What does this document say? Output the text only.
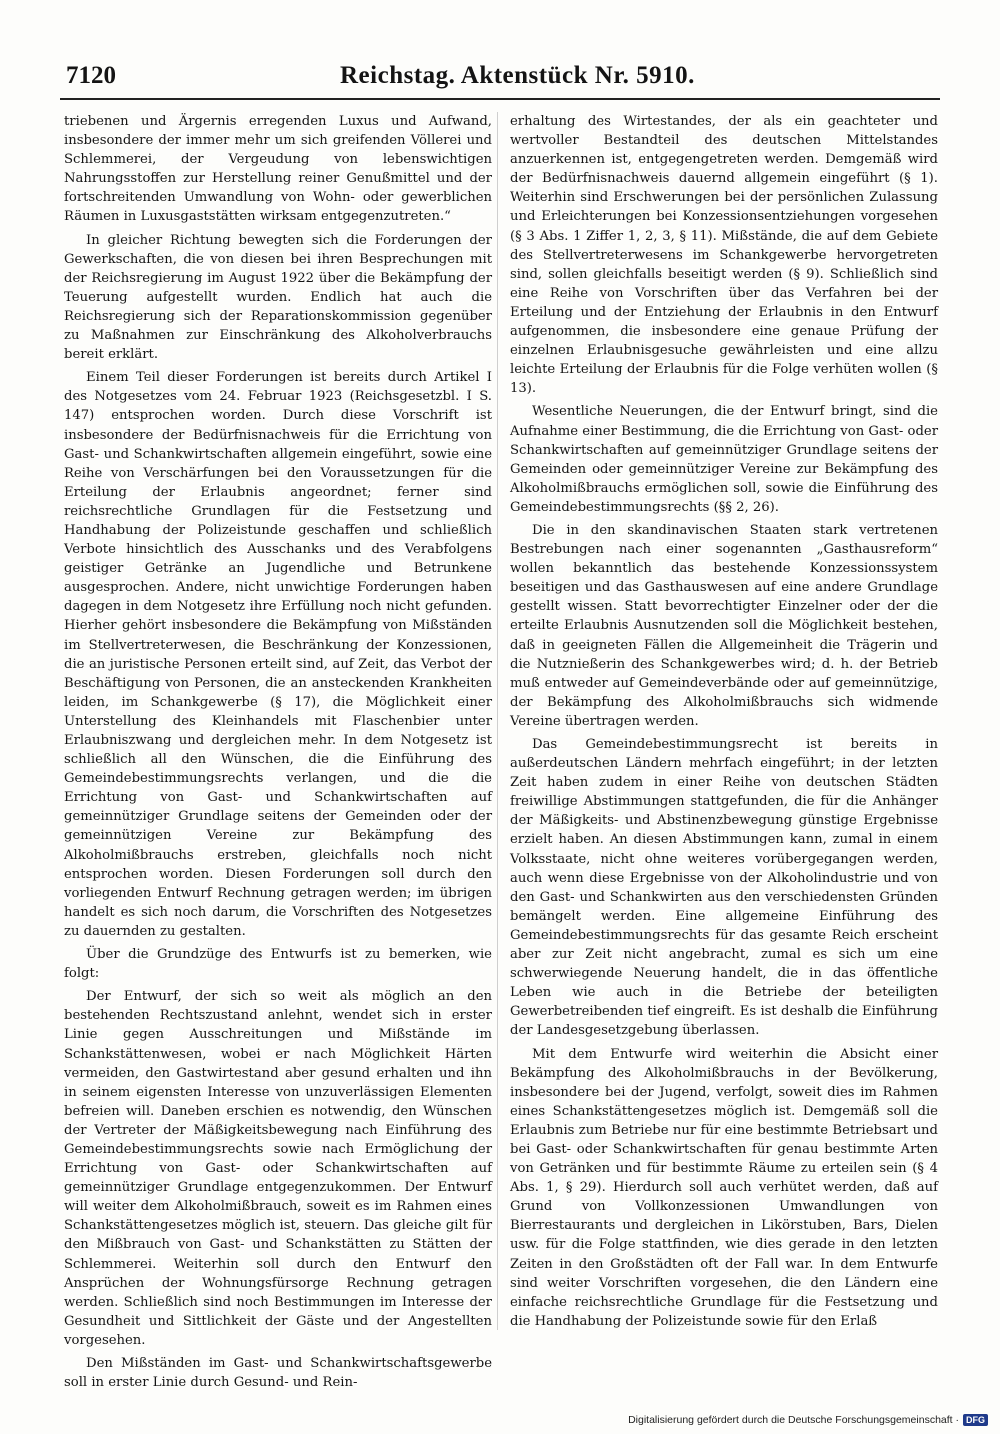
7120	Reichstag. Aktenstück Nr. 5910.

triebenen und Ärgernis erregenden Luxus und Aufwand, insbesondere der immer mehr um sich greifenden Völlerei und Schlemmerei, der Vergeudung von lebenswichtigen Nahrungsstoffen zur Herstellung reiner Genußmittel und der fortschreitenden Umwandlung von Wohn- oder gewerblichen Räumen in Luxusgaststätten wirksam entgegenzutreten.“

In gleicher Richtung bewegten sich die Forderungen der Gewerkschaften, die von diesen bei ihren Besprechungen mit der Reichsregierung im August 1922 über die Bekämpfung der Teuerung aufgestellt wurden. Endlich hat auch die Reichsregierung sich der Reparationskommission gegenüber zu Maßnahmen zur Einschränkung des Alkoholverbrauchs bereit erklärt.

Einem Teil dieser Forderungen ist bereits durch Artikel I des Notgesetzes vom 24. Februar 1923 (Reichsgesetzbl. I S. 147) entsprochen worden. Durch diese Vorschrift ist insbesondere der Bedürfnisnachweis für die Errichtung von Gast- und Schankwirtschaften allgemein eingeführt, sowie eine Reihe von Verschärfungen bei den Voraussetzungen für die Erteilung der Erlaubnis angeordnet; ferner sind reichsrechtliche Grundlagen für die Festsetzung und Handhabung der Polizeistunde geschaffen und schließlich Verbote hinsichtlich des Ausschanks und des Verabfolgens geistiger Getränke an Jugendliche und Betrunkene ausgesprochen. Andere, nicht unwichtige Forderungen haben dagegen in dem Notgesetz ihre Erfüllung noch nicht gefunden. Hierher gehört insbesondere die Bekämpfung von Mißständen im Stellvertreterwesen, die Beschränkung der Konzessionen, die an juristische Personen erteilt sind, auf Zeit, das Verbot der Beschäftigung von Personen, die an ansteckenden Krankheiten leiden, im Schankgewerbe (§ 17), die Möglichkeit einer Unterstellung des Kleinhandels mit Flaschenbier unter Erlaubniszwang und dergleichen mehr. In dem Notgesetz ist schließlich all den Wünschen, die die Einführung des Gemeindebestimmungsrechts verlangen, und die die Errichtung von Gast- und Schankwirtschaften auf gemeinnütziger Grundlage seitens der Gemeinden oder der gemeinnützigen Vereine zur Bekämpfung des Alkoholmißbrauchs erstreben, gleichfalls noch nicht entsprochen worden. Diesen Forderungen soll durch den vorliegenden Entwurf Rechnung getragen werden; im übrigen handelt es sich noch darum, die Vorschriften des Notgesetzes zu dauernden zu gestalten.

Über die Grundzüge des Entwurfs ist zu bemerken, wie folgt:

Der Entwurf, der sich so weit als möglich an den bestehenden Rechtszustand anlehnt, wendet sich in erster Linie gegen Ausschreitungen und Mißstände im Schankstättenwesen, wobei er nach Möglichkeit Härten vermeiden, den Gastwirtestand aber gesund erhalten und ihn in seinem eigensten Interesse von unzuverlässigen Elementen befreien will. Daneben erschien es notwendig, den Wünschen der Vertreter der Mäßigkeitsbewegung nach Einführung des Gemeindebestimmungsrechts sowie nach Ermöglichung der Errichtung von Gast- oder Schankwirtschaften auf gemeinnütziger Grundlage entgegenzukommen. Der Entwurf will weiter dem Alkoholmißbrauch, soweit es im Rahmen eines Schankstättengesetzes möglich ist, steuern. Das gleiche gilt für den Mißbrauch von Gast- und Schankstätten zu Stätten der Schlemmerei. Weiterhin soll durch den Entwurf den Ansprüchen der Wohnungsfürsorge Rechnung getragen werden. Schließlich sind noch Bestimmungen im Interesse der Gesundheit und Sittlichkeit der Gäste und der Angestellten vorgesehen.

Den Mißständen im Gast- und Schankwirtschaftsgewerbe soll in erster Linie durch Gesund- und Rein-

erhaltung des Wirtestandes, der als ein geachteter und wertvoller Bestandteil des deutschen Mittelstandes anzuerkennen ist, entgegengetreten werden. Demgemäß wird der Bedürfnisnachweis dauernd allgemein eingeführt (§ 1). Weiterhin sind Erschwerungen bei der persönlichen Zulassung und Erleichterungen bei Konzessionsentziehungen vorgesehen (§ 3 Abs. 1 Ziffer 1, 2, 3, § 11). Mißstände, die auf dem Gebiete des Stellvertreterwesens im Schankgewerbe hervorgetreten sind, sollen gleichfalls beseitigt werden (§ 9). Schließlich sind eine Reihe von Vorschriften über das Verfahren bei der Erteilung und der Entziehung der Erlaubnis in den Entwurf aufgenommen, die insbesondere eine genaue Prüfung der einzelnen Erlaubnisgesuche gewährleisten und eine allzu leichte Erteilung der Erlaubnis für die Folge verhüten wollen (§ 13).

Wesentliche Neuerungen, die der Entwurf bringt, sind die Aufnahme einer Bestimmung, die die Errichtung von Gast- oder Schankwirtschaften auf gemeinnütziger Grundlage seitens der Gemeinden oder gemeinnütziger Vereine zur Bekämpfung des Alkoholmißbrauchs ermöglichen soll, sowie die Einführung des Gemeindebestimmungsrechts (§§ 2, 26).

Die in den skandinavischen Staaten stark vertretenen Bestrebungen nach einer sogenannten „Gasthausreform“ wollen bekanntlich das bestehende Konzessionssystem beseitigen und das Gasthauswesen auf eine andere Grundlage gestellt wissen. Statt bevorrechtigter Einzelner oder der die erteilte Erlaubnis Ausnutzenden soll die Möglichkeit bestehen, daß in geeigneten Fällen die Allgemeinheit die Trägerin und die Nutznießerin des Schankgewerbes wird; d. h. der Betrieb muß entweder auf Gemeindeverbände oder auf gemeinnützige, der Bekämpfung des Alkoholmißbrauchs sich widmende Vereine übertragen werden.

Das Gemeindebestimmungsrecht ist bereits in außerdeutschen Ländern mehrfach eingeführt; in der letzten Zeit haben zudem in einer Reihe von deutschen Städten freiwillige Abstimmungen stattgefunden, die für die Anhänger der Mäßigkeits- und Abstinenzbewegung günstige Ergebnisse erzielt haben. An diesen Abstimmungen kann, zumal in einem Volksstaate, nicht ohne weiteres vorübergegangen werden, auch wenn diese Ergebnisse von der Alkoholindustrie und von den Gast- und Schankwirten aus den verschiedensten Gründen bemängelt werden. Eine allgemeine Einführung des Gemeindebestimmungsrechts für das gesamte Reich erscheint aber zur Zeit nicht angebracht, zumal es sich um eine schwerwiegende Neuerung handelt, die in das öffentliche Leben wie auch in die Betriebe der beteiligten Gewerbetreibenden tief eingreift. Es ist deshalb die Einführung der Landesgesetzgebung überlassen.

Mit dem Entwurfe wird weiterhin die Absicht einer Bekämpfung des Alkoholmißbrauchs in der Bevölkerung, insbesondere bei der Jugend, verfolgt, soweit dies im Rahmen eines Schankstättengesetzes möglich ist. Demgemäß soll die Erlaubnis zum Betriebe nur für eine bestimmte Betriebsart und bei Gast- oder Schankwirtschaften für genau bestimmte Arten von Getränken und für bestimmte Räume zu erteilen sein (§ 4 Abs. 1, § 29). Hierdurch soll auch verhütet werden, daß auf Grund von Vollkonzessionen Umwandlungen von Bierrestaurants und dergleichen in Likörstuben, Bars, Dielen usw. für die Folge stattfinden, wie dies gerade in den letzten Zeiten in den Großstädten oft der Fall war. In dem Entwurfe sind weiter Vorschriften vorgesehen, die den Ländern eine einfache reichsrechtliche Grundlage für die Festsetzung und die Handhabung der Polizeistunde sowie für den Erlaß

Digitalisierung gefördert durch die Deutsche Forschungsgemeinschaft · DFG
